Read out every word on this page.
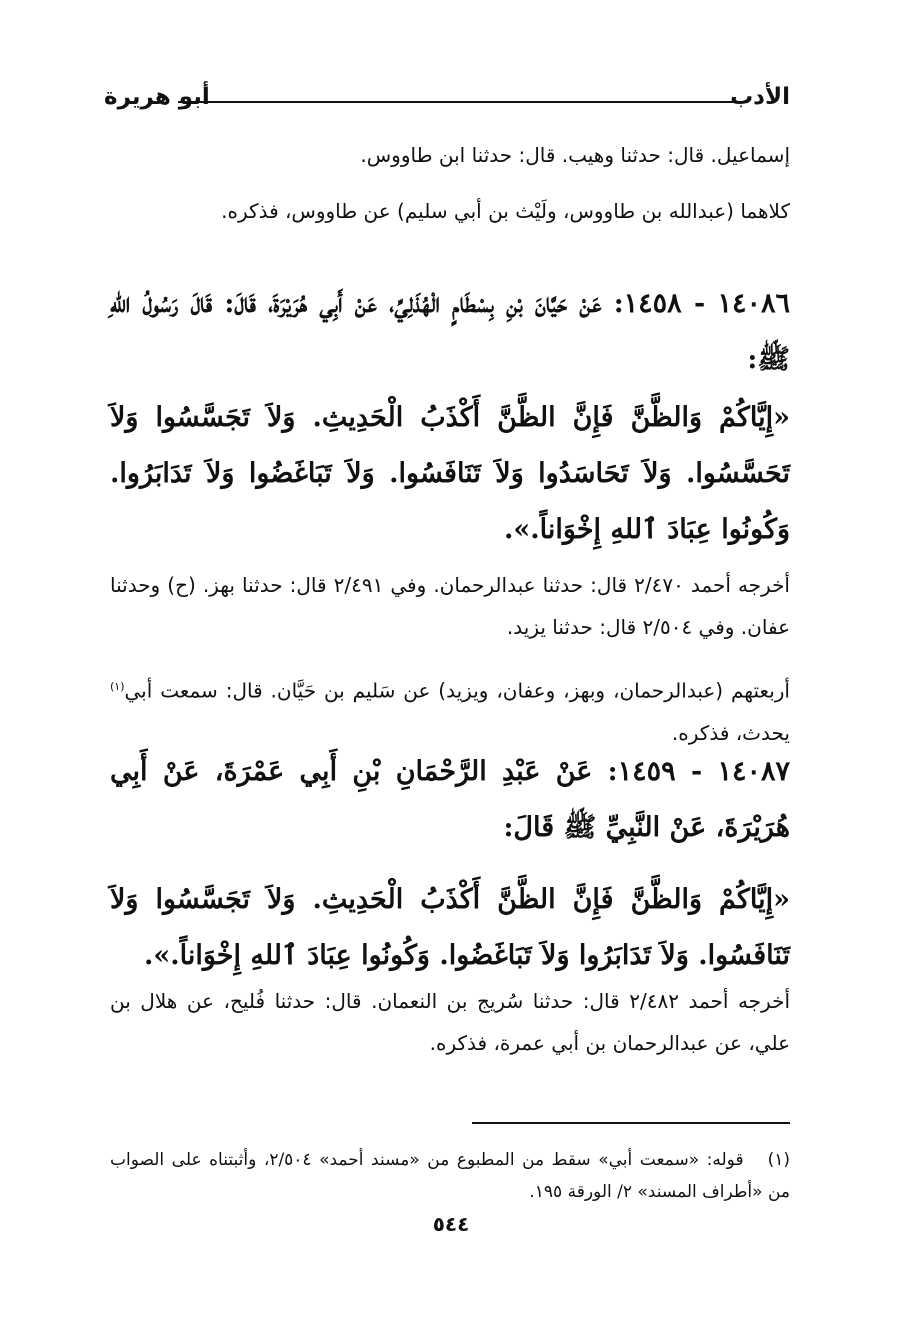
الأدب
أبو هريرة
إسماعيل. قال: حدثنا وهيب. قال: حدثنا ابن طاووس.
كلاهما (عبدالله بن طاووس، ولَيْث بن أبي سليم) عن طاووس، فذكره.
١٤٠٨٦ - ١٤٥٨: عَنْ حَيَّانَ بْنِ بِسْطَامٍ الْهُذَلِيِّ، عَنْ أَبِي هُرَيْرَةَ، قَالَ: قَالَ رَسُولُ اللهِ ﷺ:
«إِيَّاكُمْ وَالظَّنَّ فَإِنَّ الظَّنَّ أَكْذَبُ الْحَدِيثِ. وَلاَ تَجَسَّسُوا وَلاَ تَحَسَّسُوا. وَلاَ تَحَاسَدُوا وَلاَ تَنَافَسُوا. وَلاَ تَبَاغَضُوا وَلاَ تَدَابَرُوا. وَكُونُوا عِبَادَ ٱللهِ إِخْوَاناً.».
أخرجه أحمد ٢/٤٧٠ قال: حدثنا عبدالرحمان. وفي ٢/٤٩١ قال: حدثنا بهز. (ح) وحدثنا عفان. وفي ٢/٥٠٤ قال: حدثنا يزيد.
أربعتهم (عبدالرحمان، وبهز، وعفان، ويزيد) عن سَليم بن حَيَّان. قال: سمعت أبي$^{(١)}$ يحدث، فذكره.
١٤٠٨٧ - ١٤٥٩: عَنْ عَبْدِ الرَّحْمَانِ بْنِ أَبِي عَمْرَةَ، عَنْ أَبِي هُرَيْرَةَ، عَنْ النَّبِيِّ ﷺ قَالَ:
«إِيَّاكُمْ وَالظَّنَّ فَإِنَّ الظَّنَّ أَكْذَبُ الْحَدِيثِ. وَلاَ تَجَسَّسُوا وَلاَ تَنَافَسُوا. وَلاَ تَدَابَرُوا وَلاَ تَبَاغَضُوا. وَكُونُوا عِبَادَ ٱللهِ إِخْوَاناً.».
أخرجه أحمد ٢/٤٨٢ قال: حدثنا سُريج بن النعمان. قال: حدثنا فُليح، عن هلال بن علي، عن عبدالرحمان بن أبي عمرة، فذكره.
(١)قوله: «سمعت أبي» سقط من المطبوع من «مسند أحمد» ٢/٥٠٤، وأثبتناه على الصواب من «أطراف المسند» ٢/ الورقة ١٩٥.
٥٤٤
